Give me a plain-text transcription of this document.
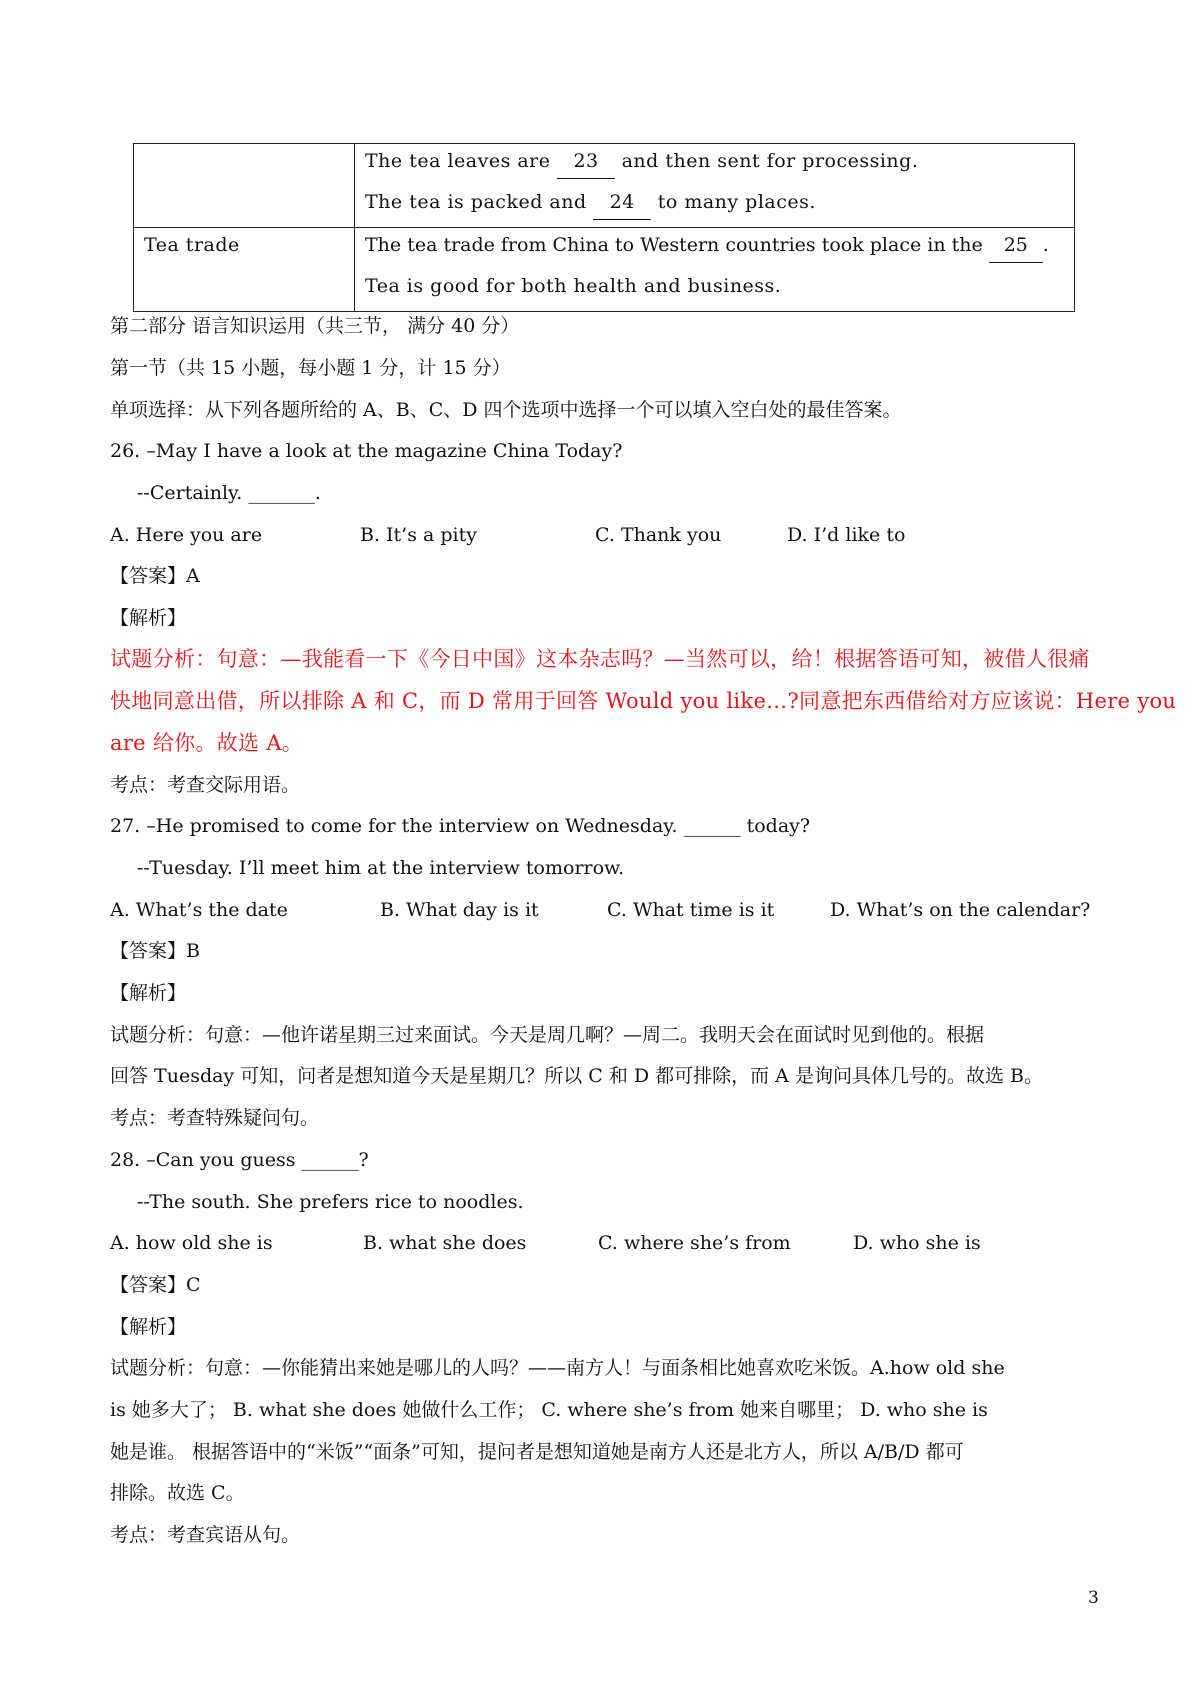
	The tea leaves are 23 and then sent for processing.
The tea is packed and 24 to many places.

Tea trade	The tea trade from China to Western countries took place in the 25 .
Tea is good for both health and business.
第二部分 语言知识运用（共三节， 满分 40 分）
第一节（共 15 小题，每小题 1 分，计 15 分）
单项选择：从下列各题所给的 A、B、C、D 四个选项中选择一个可以填入空白处的最佳答案。
26. –May I have a look at the magazine China Today?
--Certainly. _______.
A. Here you are	B. It’s a pity	C. Thank you	D. I’d like to
【答案】A
【解析】
试题分析：句意：—我能看一下《今日中国》这本杂志吗？—当然可以，给！根据答语可知，被借人很痛
快地同意出借，所以排除 A 和 C，而 D 常用于回答 Would you like…?同意把东西借给对方应该说：Here you
are 给你。故选 A。
考点：考查交际用语。
27. –He promised to come for the interview on Wednesday. ______ today?
--Tuesday. I’ll meet him at the interview tomorrow.
A. What’s the date	B. What day is it	C. What time is it	D. What’s on the calendar?
【答案】B
【解析】
试题分析：句意：—他许诺星期三过来面试。今天是周几啊？—周二。我明天会在面试时见到他的。根据
回答 Tuesday 可知，问者是想知道今天是星期几？所以 C 和 D 都可排除，而 A 是询问具体几号的。故选 B。
考点：考查特殊疑问句。
28. –Can you guess ______?
--The south. She prefers rice to noodles.
A. how old she is	B. what she does	C. where she’s from	D. who she is
【答案】C
【解析】
试题分析：句意：—你能猜出来她是哪儿的人吗？——南方人！与面条相比她喜欢吃米饭。A.how old she
is 她多大了； B. what she does 她做什么工作； C. where she’s from 她来自哪里； D. who she is
她是谁。 根据答语中的“米饭”“面条”可知，提问者是想知道她是南方人还是北方人，所以 A/B/D 都可
排除。故选 C。
考点：考查宾语从句。
3
